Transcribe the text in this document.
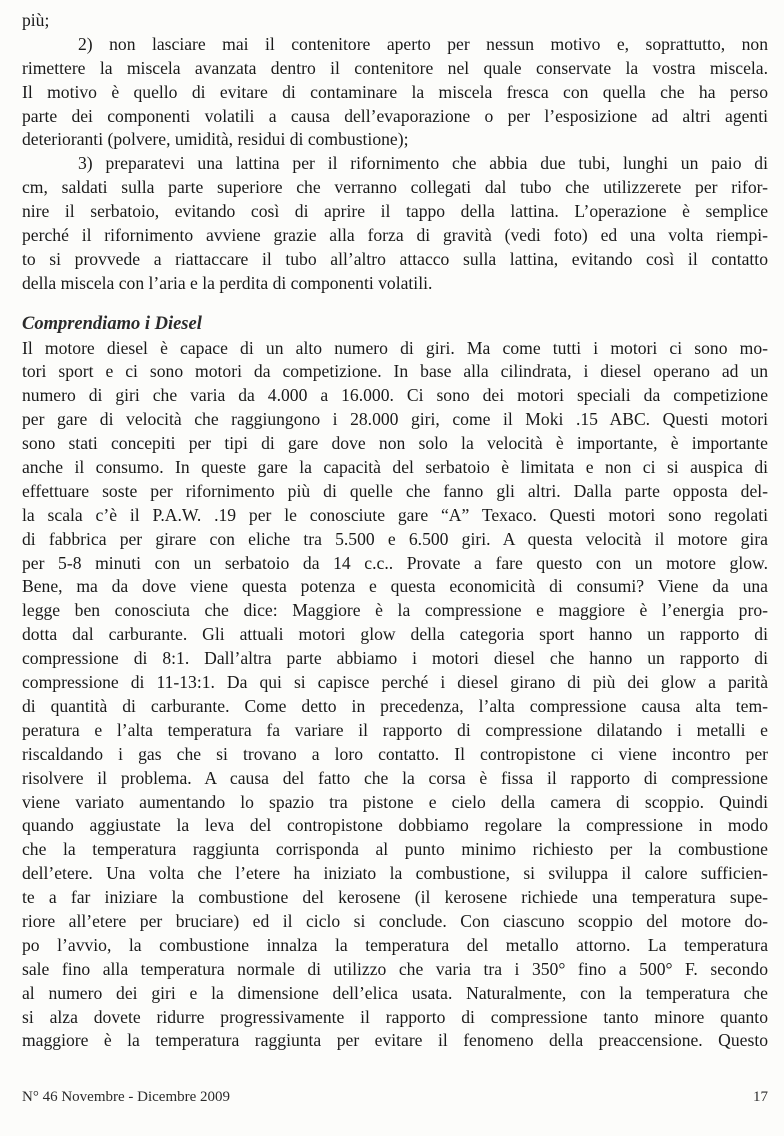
più;
2) non lasciare mai il contenitore aperto per nessun motivo e, soprattutto, non
rimettere la miscela avanzata dentro il contenitore nel quale conservate la vostra miscela.
Il motivo è quello di evitare di contaminare la miscela fresca con quella che ha perso
parte dei componenti volatili a causa dell’evaporazione o per l’esposizione ad altri agenti
deterioranti (polvere, umidità, residui di combustione);
3) preparatevi una lattina per il rifornimento che abbia due tubi, lunghi un paio di
cm, saldati sulla parte superiore che verranno collegati dal tubo che utilizzerete per rifor-
nire il serbatoio, evitando così di aprire il tappo della lattina. L’operazione è semplice
perché il rifornimento avviene grazie alla forza di gravità (vedi foto) ed una volta riempi-
to si provvede a riattaccare il tubo all’altro attacco sulla lattina, evitando così il contatto
della miscela con l’aria e la perdita di componenti volatili.
Comprendiamo i Diesel
Il motore diesel è capace di un alto numero di giri. Ma come tutti i motori ci sono mo-
tori sport e ci sono motori da competizione. In base alla cilindrata, i diesel operano ad un
numero di giri che varia da 4.000 a 16.000. Ci sono dei motori speciali da competizione
per gare di velocità che raggiungono i 28.000 giri, come il Moki .15 ABC. Questi motori
sono stati concepiti per tipi di gare dove non solo la velocità è importante, è importante
anche il consumo. In queste gare la capacità del serbatoio è limitata e non ci si auspica di
effettuare soste per rifornimento più di quelle che fanno gli altri. Dalla parte opposta del-
la scala c’è il P.A.W. .19 per le conosciute gare “A” Texaco. Questi motori sono regolati
di fabbrica per girare con eliche tra 5.500 e 6.500 giri. A questa velocità il motore gira
per 5-8 minuti con un serbatoio da 14 c.c.. Provate a fare questo con un motore glow.
Bene, ma da dove viene questa potenza e questa economicità di consumi? Viene da una
legge ben conosciuta che dice: Maggiore è la compressione e maggiore è l’energia pro-
dotta dal carburante. Gli attuali motori glow della categoria sport hanno un rapporto di
compressione di 8:1. Dall’altra parte abbiamo i motori diesel che hanno un rapporto di
compressione di 11-13:1. Da qui si capisce perché i diesel girano di più dei glow a parità
di quantità di carburante. Come detto in precedenza, l’alta compressione causa alta tem-
peratura e l’alta temperatura fa variare il rapporto di compressione dilatando i metalli e
riscaldando i gas che si trovano a loro contatto. Il contropistone ci viene incontro per
risolvere il problema. A causa del fatto che la corsa è fissa il rapporto di compressione
viene variato aumentando lo spazio tra pistone e cielo della camera di scoppio. Quindi
quando aggiustate la leva del contropistone dobbiamo regolare la compressione in modo
che la temperatura raggiunta corrisponda al punto minimo richiesto per la combustione
dell’etere. Una volta che l’etere ha iniziato la combustione, si sviluppa il calore sufficien-
te a far iniziare la combustione del kerosene (il kerosene richiede una temperatura supe-
riore all’etere per bruciare) ed il ciclo si conclude. Con ciascuno scoppio del motore do-
po l’avvio, la combustione innalza la temperatura del metallo attorno. La temperatura
sale fino alla temperatura normale di utilizzo che varia tra i 350° fino a 500° F. secondo
al numero dei giri e la dimensione dell’elica usata. Naturalmente, con la temperatura che
si alza dovete ridurre progressivamente il rapporto di compressione tanto minore quanto
maggiore è la temperatura raggiunta per evitare il fenomeno della preaccensione. Questo
N° 46 Novembre - Dicembre 2009	17
